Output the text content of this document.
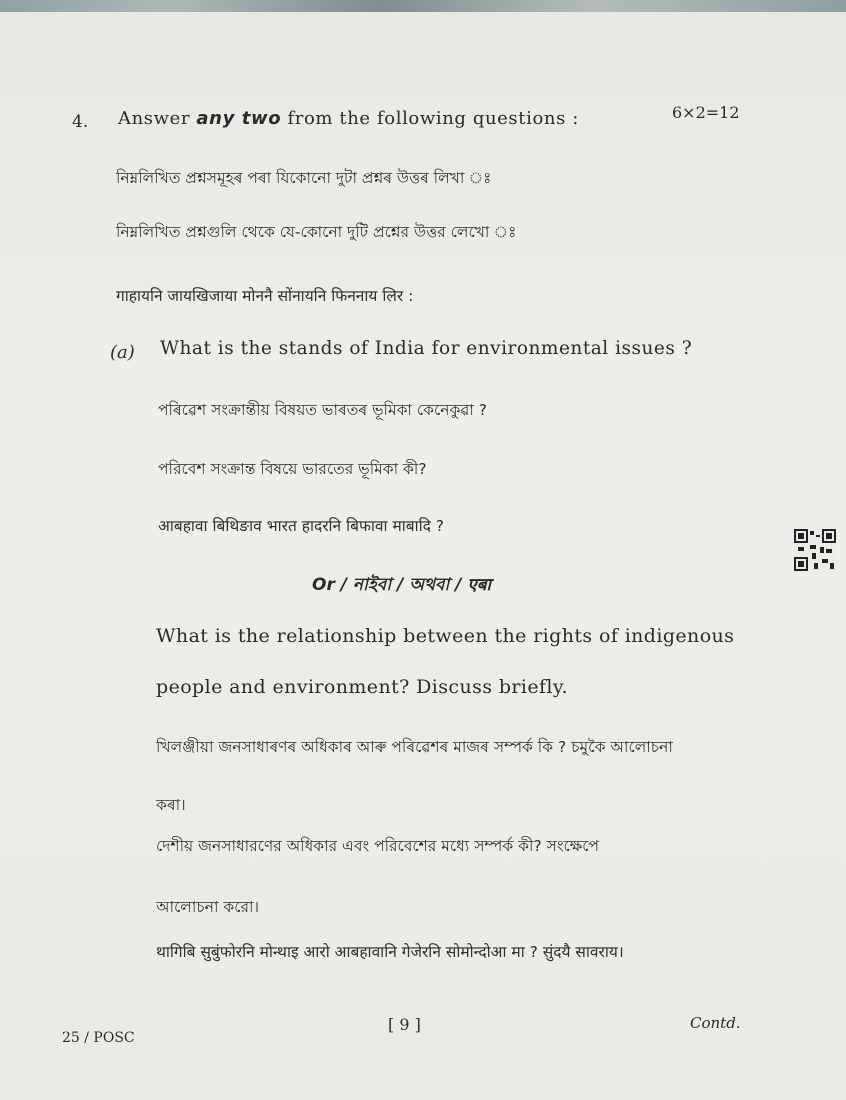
4. Answer any two from the following questions :	6×2=12
নিম্নলিখিত প্ৰশ্নসমূহৰ পৰা যিকোনো দুটা প্ৰশ্নৰ উত্তৰ লিখা ঃ
নিম্নলিখিত প্রশ্নগুলি থেকে যে-কোনো দুটি প্রশ্নের উত্তর লেখো ঃ
गाहायनि जायखिजाया मोननै सोंनायनि फिननाय लिर :
(a) What is the stands of India for environmental issues ?
পৰিৱেশ সংক্ৰান্তীয় বিষয়ত ভাৰতৰ ভূমিকা কেনেকুৱা ?
পরিবেশ সংক্রান্ত বিষয়ে ভারতের ভূমিকা কী?
आबहावा बिथिङाव भारत हादरनि बिफावा माबादि ?
Or / নাইবা / অথবা / एबा
What is the relationship between the rights of indigenous
people and environment? Discuss briefly.
খিলঞ্জীয়া জনসাধাৰণৰ অধিকাৰ আৰু পৰিৱেশৰ মাজৰ সম্পৰ্ক কি ? চমুকৈ আলোচনা
কৰা।
দেশীয় জনসাধারণের অধিকার এবং পরিবেশের মধ্যে সম্পর্ক কী? সংক্ষেপে
আলোচনা করো।
थागिबि सुबुंफोरनि मोन्थाइ आरो आबहावानि गेजेरनि सोमोन्दोआ मा ? सुंदयै सावराय।
25 / POSC
[ 9 ]	Contd.
